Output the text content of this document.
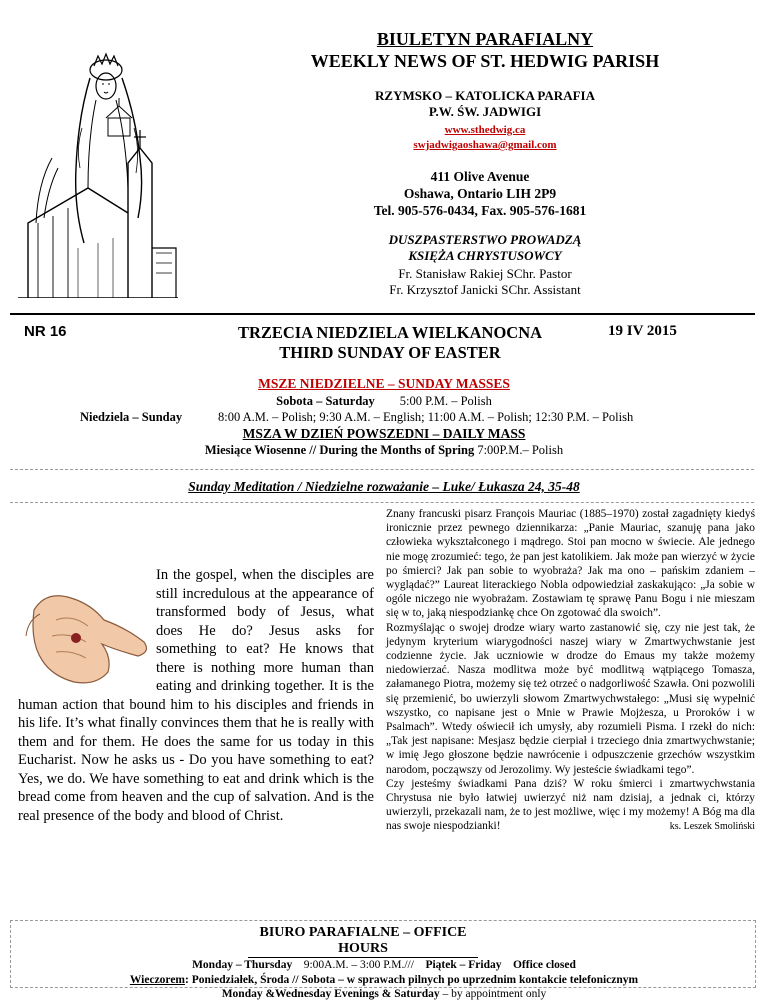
BIULETYN PARAFIALNY
WEEKLY NEWS OF ST. HEDWIG PARISH
RZYMSKO – KATOLICKA PARAFIA
P.W. ŚW. JADWIGI
www.sthedwig.ca
swjadwigaoshawa@gmail.com
411 Olive Avenue
Oshawa, Ontario LIH 2P9
Tel. 905-576-0434, Fax. 905-576-1681
DUSZPASTERSTWO PROWADZĄ
KSIĘŻA CHRYSTUSOWCY
Fr. Stanisław Rakiej SChr. Pastor
Fr. Krzysztof Janicki SChr. Assistant
NR 16	TRZECIA NIEDZIELA WIELKANOCNA
THIRD SUNDAY OF EASTER
19 IV 2015
MSZE NIEDZIELNE – SUNDAY MASSES
Sobota – Saturday 5:00 P.M. – Polish
Niedziela – Sunday	8:00 A.M. – Polish; 9:30 A.M. – English; 11:00 A.M. – Polish; 12:30 P.M. – Polish
MSZA W DZIEŃ POWSZEDNI – DAILY MASS
Miesiące Wiosenne // During the Months of Spring 7:00P.M.– Polish
Sunday Meditation / Niedzielne rozważanie – Luke/ Łukasza 24, 35-48

In the gospel, when the disciples are still incredulous at the appearance of transformed body of Jesus, what does He do? Jesus asks for something to eat? He knows that there is nothing more human than eating and drinking together. It is the human action that bound him to his disciples and friends in his life. It’s what finally convinces them that he is really with them and for them. He does the same for us today in this Eucharist. Now he asks us - Do you have something to eat? Yes, we do. We have something to eat and drink which is the bread come from heaven and the cup of salvation. And is the real presence of the body and blood of Christ.

Znany francuski pisarz François Mauriac (1885–1970) został zagadnięty kiedyś ironicznie przez pewnego dziennikarza: „Panie Mauriac, szanuję pana jako człowieka wykształconego i mądrego. Stoi pan mocno w świecie. Ale jednego nie mogę zrozumieć: tego, że pan jest katolikiem. Jak może pan wierzyć w życie po śmierci? Jak pan sobie to wyobraża? Jak ma ono – pańskim zdaniem – wyglądać?” Laureat literackiego Nobla odpowiedział zaskakująco: „Ja sobie w ogóle niczego nie wyobrażam. Zostawiam tę sprawę Panu Bogu i nie mieszam się w to, jaką niespodziankę chce On zgotować dla swoich”.

Rozmyślając o swojej drodze wiary warto zastanowić się, czy nie jest tak, że jedynym kryterium wiarygodności naszej wiary w Zmartwychwstanie jest codzienne życie. Jak uczniowie w drodze do Emaus my także możemy niedowierzać. Nasza modlitwa może być modlitwą wątpiącego Tomasza, załamanego Piotra, możemy się też otrzeć o nadgorliwość Szawła. Oni pozwolili się przemienić, bo uwierzyli słowom Zmartwychwstałego: „Musi się wypełnić wszystko, co napisane jest o Mnie w Prawie Mojżesza, u Proroków i w Psalmach”. Wtedy oświecił ich umysły, aby rozumieli Pisma. I rzekł do nich: „Tak jest napisane: Mesjasz będzie cierpiał i trzeciego dnia zmartwychwstanie; w imię Jego głoszone będzie nawrócenie i odpuszczenie grzechów wszystkim narodom, począwszy od Jerozolimy. Wy jesteście świadkami tego”.

Czy jesteśmy świadkami Pana dziś? W roku śmierci i zmartwychwstania Chrystusa nie było łatwiej uwierzyć niż nam dzisiaj, a jednak ci, którzy uwierzyli, przekazali nam, że to jest możliwe, więc i my możemy! A Bóg ma dla nas swoje niespodzianki!	ks. Leszek Smoliński
BIURO PARAFIALNE – OFFICE HOURS
Monday – Thursday 9:00A.M. – 3:00 P.M./// Piątek – Friday Office closed
Wieczorem: Poniedziałek, Środa // Sobota – w sprawach pilnych po uprzednim kontakcie telefonicznym
Monday &Wednesday Evenings & Saturday – by appointment only
